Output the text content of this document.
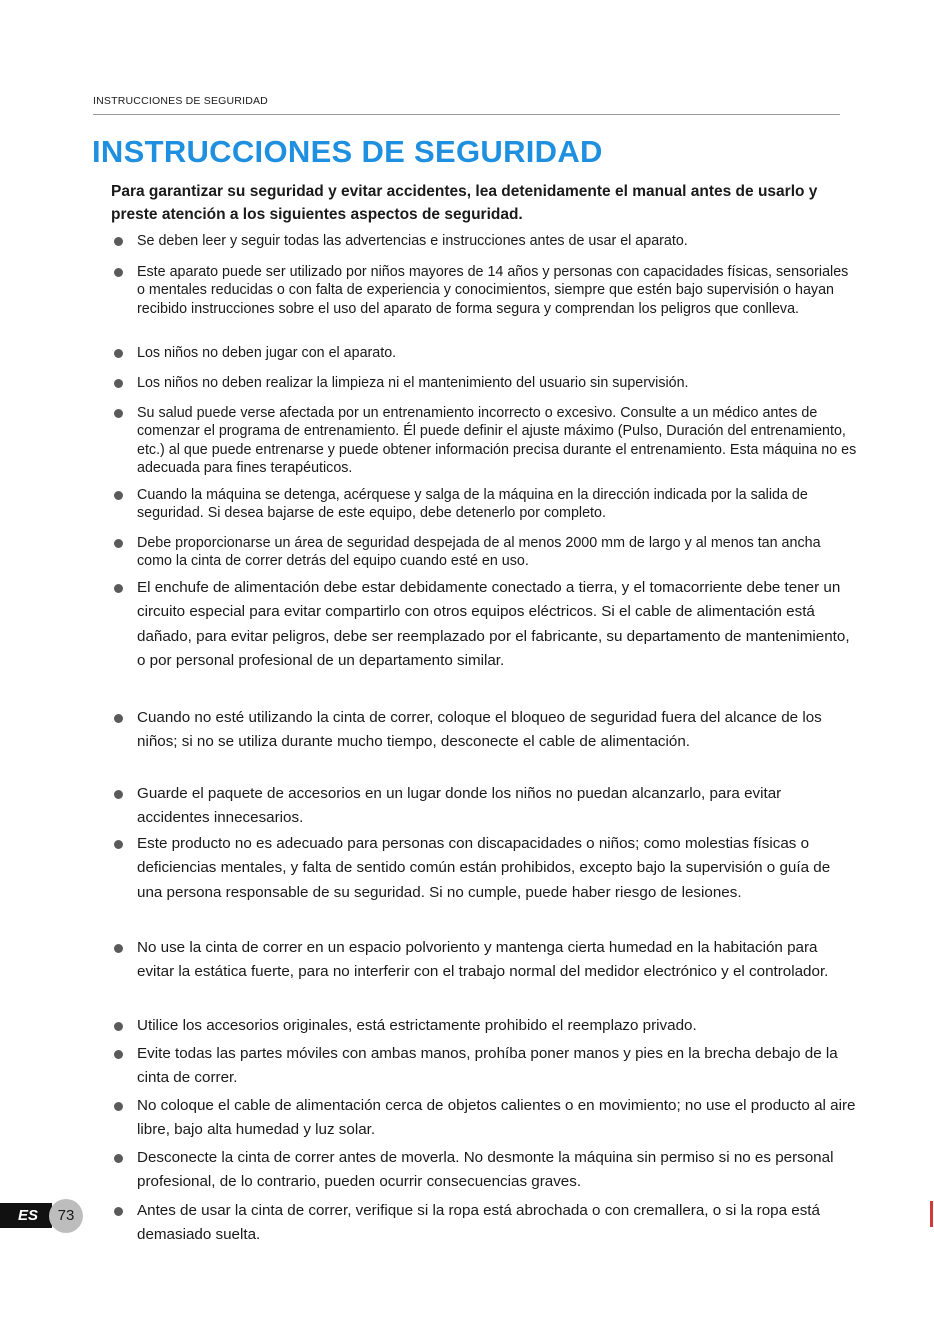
INSTRUCCIONES DE SEGURIDAD
INSTRUCCIONES DE SEGURIDAD

Para garantizar su seguridad y evitar accidentes, lea detenidamente el manual antes de usarlo y preste atención a los siguientes aspectos de seguridad.

Se deben leer y seguir todas las advertencias e instrucciones antes de usar el aparato.
Este aparato puede ser utilizado por niños mayores de 14 años y personas con capacidades físicas, sensoriales o mentales reducidas o con falta de experiencia y conocimientos, siempre que estén bajo supervisión o hayan recibido instrucciones sobre el uso del aparato de forma segura y comprendan los peligros que conlleva.
Los niños no deben jugar con el aparato.
Los niños no deben realizar la limpieza ni el mantenimiento del usuario sin supervisión.
Su salud puede verse afectada por un entrenamiento incorrecto o excesivo. Consulte a un médico antes de comenzar el programa de entrenamiento. Él puede definir el ajuste máximo (Pulso, Duración del entrenamiento, etc.) al que puede entrenarse y puede obtener información precisa durante el entrenamiento. Esta máquina no es adecuada para fines terapéuticos.
Cuando la máquina se detenga, acérquese y salga de la máquina en la dirección indicada por la salida de seguridad. Si desea bajarse de este equipo, debe detenerlo por completo.
Debe proporcionarse un área de seguridad despejada de al menos 2000 mm de largo y al menos tan ancha como la cinta de correr detrás del equipo cuando esté en uso.
El enchufe de alimentación debe estar debidamente conectado a tierra, y el tomacorriente debe tener un circuito especial para evitar compartirlo con otros equipos eléctricos. Si el cable de alimentación está dañado, para evitar peligros, debe ser reemplazado por el fabricante, su departamento de mantenimiento, o por personal profesional de un departamento similar.
Cuando no esté utilizando la cinta de correr, coloque el bloqueo de seguridad fuera del alcance de los niños; si no se utiliza durante mucho tiempo, desconecte el cable de alimentación.
Guarde el paquete de accesorios en un lugar donde los niños no puedan alcanzarlo, para evitar accidentes innecesarios.
Este producto no es adecuado para personas con discapacidades o niños; como molestias físicas o deficiencias mentales, y falta de sentido común están prohibidos, excepto bajo la supervisión o guía de una persona responsable de su seguridad. Si no cumple, puede haber riesgo de lesiones.
No use la cinta de correr en un espacio polvoriento y mantenga cierta humedad en la habitación para evitar la estática fuerte, para no interferir con el trabajo normal del medidor electrónico y el controlador.
Utilice los accesorios originales, está estrictamente prohibido el reemplazo privado.
Evite todas las partes móviles con ambas manos, prohíba poner manos y pies en la brecha debajo de la cinta de correr.
No coloque el cable de alimentación cerca de objetos calientes o en movimiento; no use el producto al aire libre, bajo alta humedad y luz solar.
Desconecte la cinta de correr antes de moverla. No desmonte la máquina sin permiso si no es personal profesional, de lo contrario, pueden ocurrir consecuencias graves.
Antes de usar la cinta de correr, verifique si la ropa está abrochada o con cremallera, o si la ropa está demasiado suelta.
ES	73
